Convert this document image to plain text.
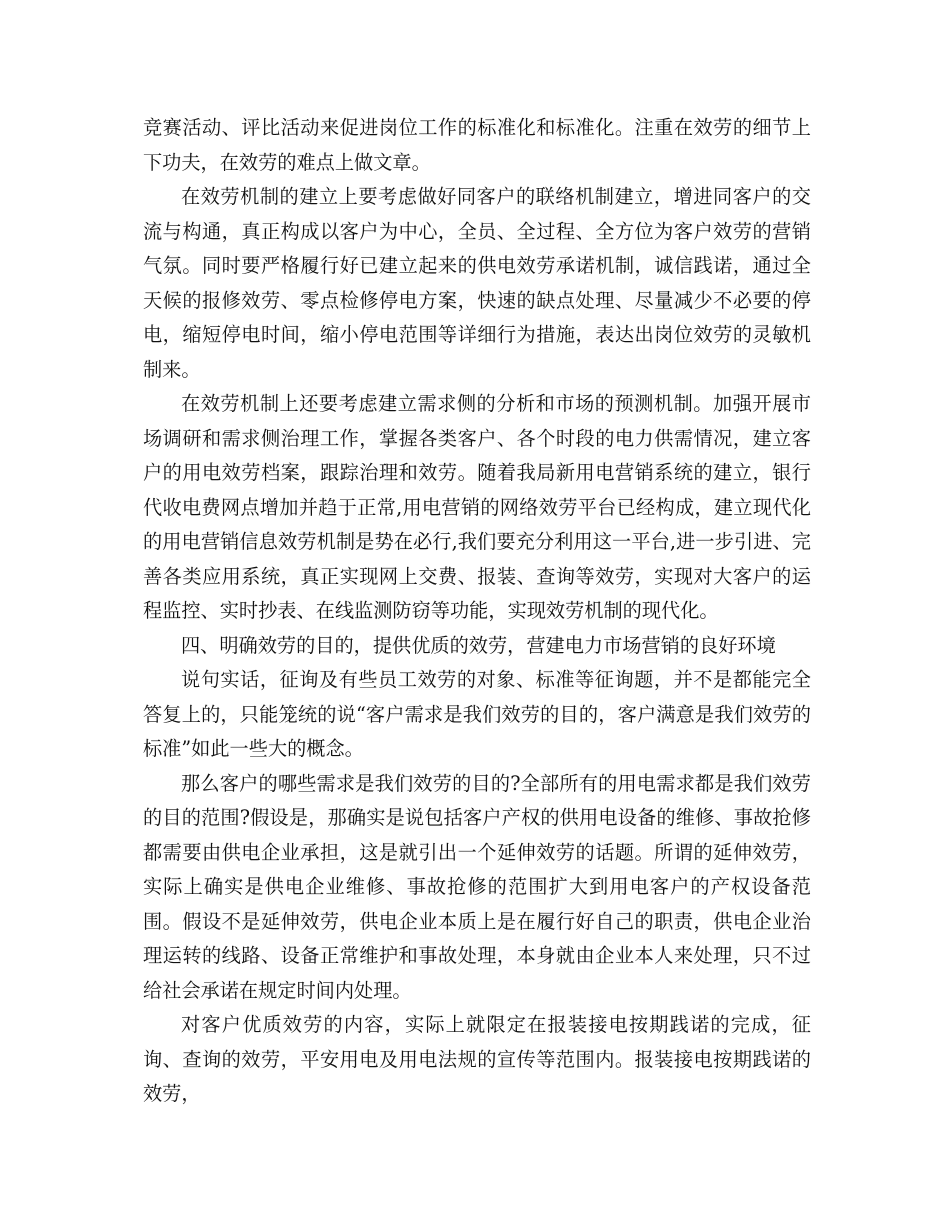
竞赛活动、评比活动来促进岗位工作的标准化和标准化。注重在效劳的细节上下功夫，在效劳的难点上做文章。

在效劳机制的建立上要考虑做好同客户的联络机制建立，增进同客户的交流与构通，真正构成以客户为中心，全员、全过程、全方位为客户效劳的营销气氛。同时要严格履行好已建立起来的供电效劳承诺机制，诚信践诺，通过全天候的报修效劳、零点检修停电方案，快速的缺点处理、尽量减少不必要的停电，缩短停电时间，缩小停电范围等详细行为措施，表达出岗位效劳的灵敏机制来。

在效劳机制上还要考虑建立需求侧的分析和市场的预测机制。加强开展市场调研和需求侧治理工作，掌握各类客户、各个时段的电力供需情况，建立客户的用电效劳档案，跟踪治理和效劳。随着我局新用电营销系统的建立，银行代收电费网点增加并趋于正常,用电营销的网络效劳平台已经构成，建立现代化的用电营销信息效劳机制是势在必行,我们要充分利用这一平台,进一步引进、完善各类应用系统，真正实现网上交费、报装、查询等效劳，实现对大客户的运程监控、实时抄表、在线监测防窃等功能，实现效劳机制的现代化。

四、明确效劳的目的，提供优质的效劳，营建电力市场营销的良好环境

说句实话，征询及有些员工效劳的对象、标准等征询题，并不是都能完全答复上的，只能笼统的说“客户需求是我们效劳的目的，客户满意是我们效劳的标准”如此一些大的概念。

那么客户的哪些需求是我们效劳的目的?全部所有的用电需求都是我们效劳的目的范围?假设是，那确实是说包括客户产权的供用电设备的维修、事故抢修都需要由供电企业承担，这是就引出一个延伸效劳的话题。所谓的延伸效劳，实际上确实是供电企业维修、事故抢修的范围扩大到用电客户的产权设备范围。假设不是延伸效劳，供电企业本质上是在履行好自己的职责，供电企业治理运转的线路、设备正常维护和事故处理，本身就由企业本人来处理，只不过给社会承诺在规定时间内处理。

对客户优质效劳的内容，实际上就限定在报装接电按期践诺的完成，征询、查询的效劳，平安用电及用电法规的宣传等范围内。报装接电按期践诺的效劳，
